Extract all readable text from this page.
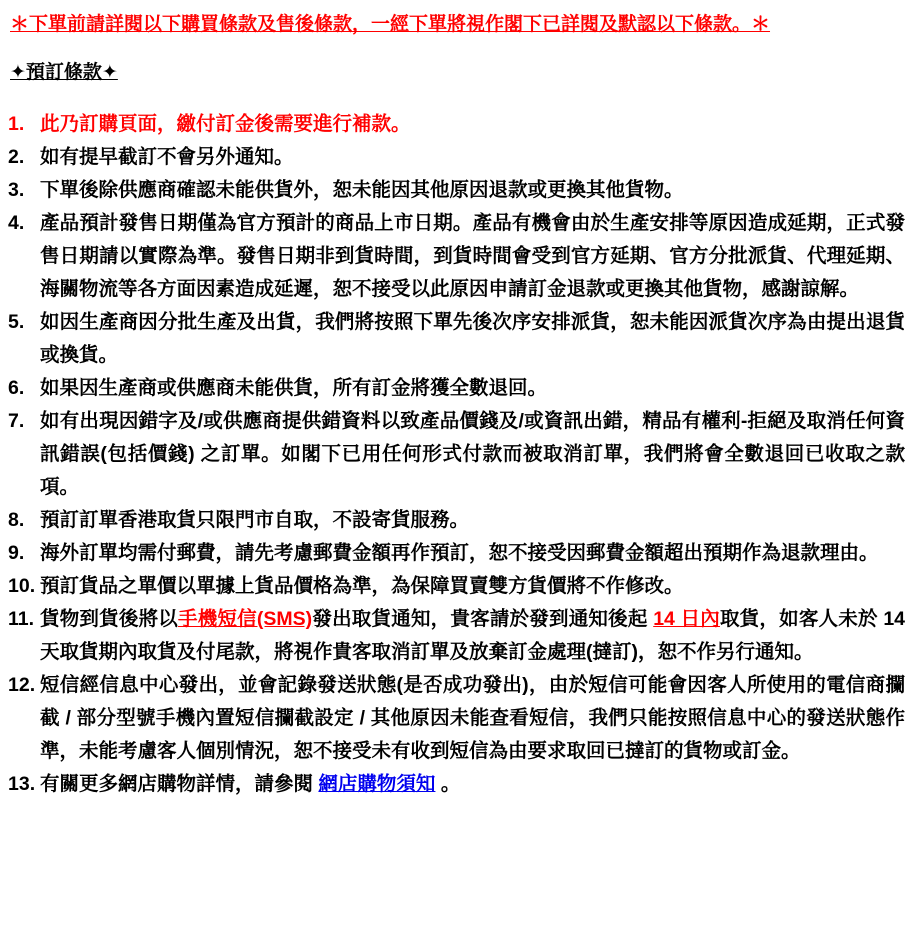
＊下單前請詳閱以下購買條款及售後條款，一經下單將視作閣下已詳閱及默認以下條款。＊
✦預訂條款✦
1. 此乃訂購頁面，繳付訂金後需要進行補款。
2. 如有提早截訂不會另外通知。
3. 下單後除供應商確認未能供貨外，恕未能因其他原因退款或更換其他貨物。
4. 產品預計發售日期僅為官方預計的商品上市日期。產品有機會由於生產安排等原因造成延期，正式發售日期請以實際為準。發售日期非到貨時間，到貨時間會受到官方延期、官方分批派貨、代理延期、海關物流等各方面因素造成延遲，恕不接受以此原因申請訂金退款或更換其他貨物，感謝諒解。
5. 如因生產商因分批生產及出貨，我們將按照下單先後次序安排派貨，恕未能因派貨次序為由提出退貨或換貨。
6. 如果因生產商或供應商未能供貨，所有訂金將獲全數退回。
7. 如有出現因錯字及/或供應商提供錯資料以致產品價錢及/或資訊出錯，精品有權利-拒絕及取消任何資訊錯誤(包括價錢) 之訂單。如閣下已用任何形式付款而被取消訂單，我們將會全數退回已收取之款項。
8. 預訂訂單香港取貨只限門市自取，不設寄貨服務。
9. 海外訂單均需付郵費，請先考慮郵費金額再作預訂，恕不接受因郵費金額超出預期作為退款理由。
10. 預訂貨品之單價以單據上貨品價格為準，為保障買賣雙方貨價將不作修改。
11. 貨物到貨後將以手機短信(SMS)發出取貨通知，貴客請於發到通知後起 14 日內取貨，如客人未於 14 天取貨期內取貨及付尾款，將視作貴客取消訂單及放棄訂金處理(撻訂)，恕不作另行通知。
12. 短信經信息中心發出，並會記錄發送狀態(是否成功發出)，由於短信可能會因客人所使用的電信商攔截 / 部分型號手機內置短信攔截設定 / 其他原因未能查看短信，我們只能按照信息中心的發送狀態作準，未能考慮客人個別情況，恕不接受未有收到短信為由要求取回已撻訂的貨物或訂金。
13. 有關更多網店購物詳情，請參閱 網店購物須知 。
